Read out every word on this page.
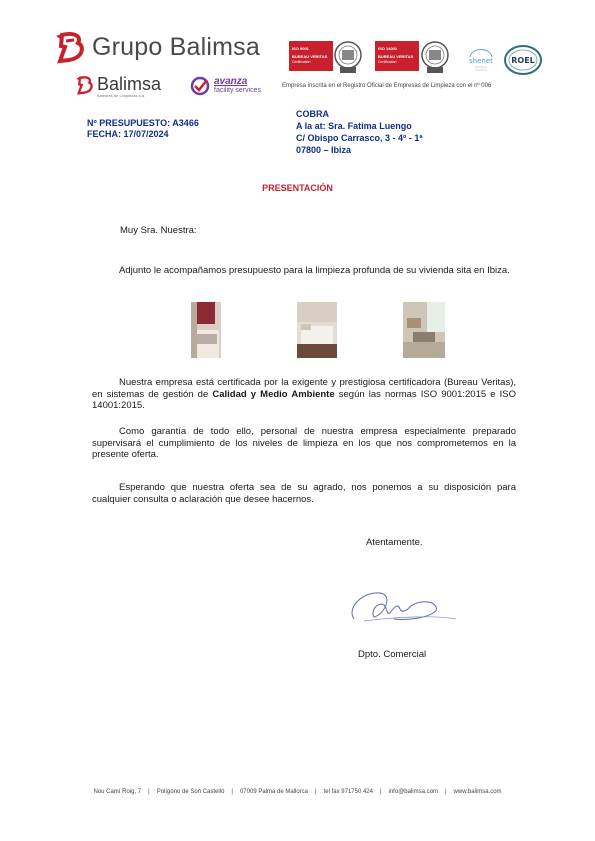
Grupo Balimsa
Balimsa
Baleares de Limpiezas s.a.
avanza
facility services
ISO 9001
BUREAU VERITAS
Certification
ISO 14001
BUREAU VERITAS
Certification	shenet ROEL
Empresa inscrita en el Registro Oficial de Empresas de Limpieza con el nº 006
Nº PRESUPUESTO: A3466
FECHA: 17/07/2024
COBRA
A la at: Sra. Fatima Luengo
C/ Obispo Carrasco, 3 - 4º - 1ª
07800 – Ibiza
PRESENTACIÓN
Muy Sra. Nuestra:
Adjunto le acompañamos presupuesto para la limpieza profunda de su vivienda sita en Ibiza.
Nuestra empresa está certificada por la exigente y prestigiosa certificadora (Bureau Veritas), en sistemas de gestión de Calidad y Medio Ambiente según las normas ISO 9001:2015 e ISO 14001:2015.
Como garantía de todo ello, personal de nuestra empresa especialmente preparado supervisará el cumplimiento de los niveles de limpieza en los que nos comprometemos en la presente oferta.
Esperando que nuestra oferta sea de su agrado, nos ponemos a su disposición para cualquier consulta o aclaración que desee hacernos.
Atentamente.
Dpto. Comercial
Nou Camí Roig, 7 | Polígono de Son Castelló | 07009 Palma de Mallorca | tel fax 971750 424 | info@balimsa.com | www.balimsa.com
